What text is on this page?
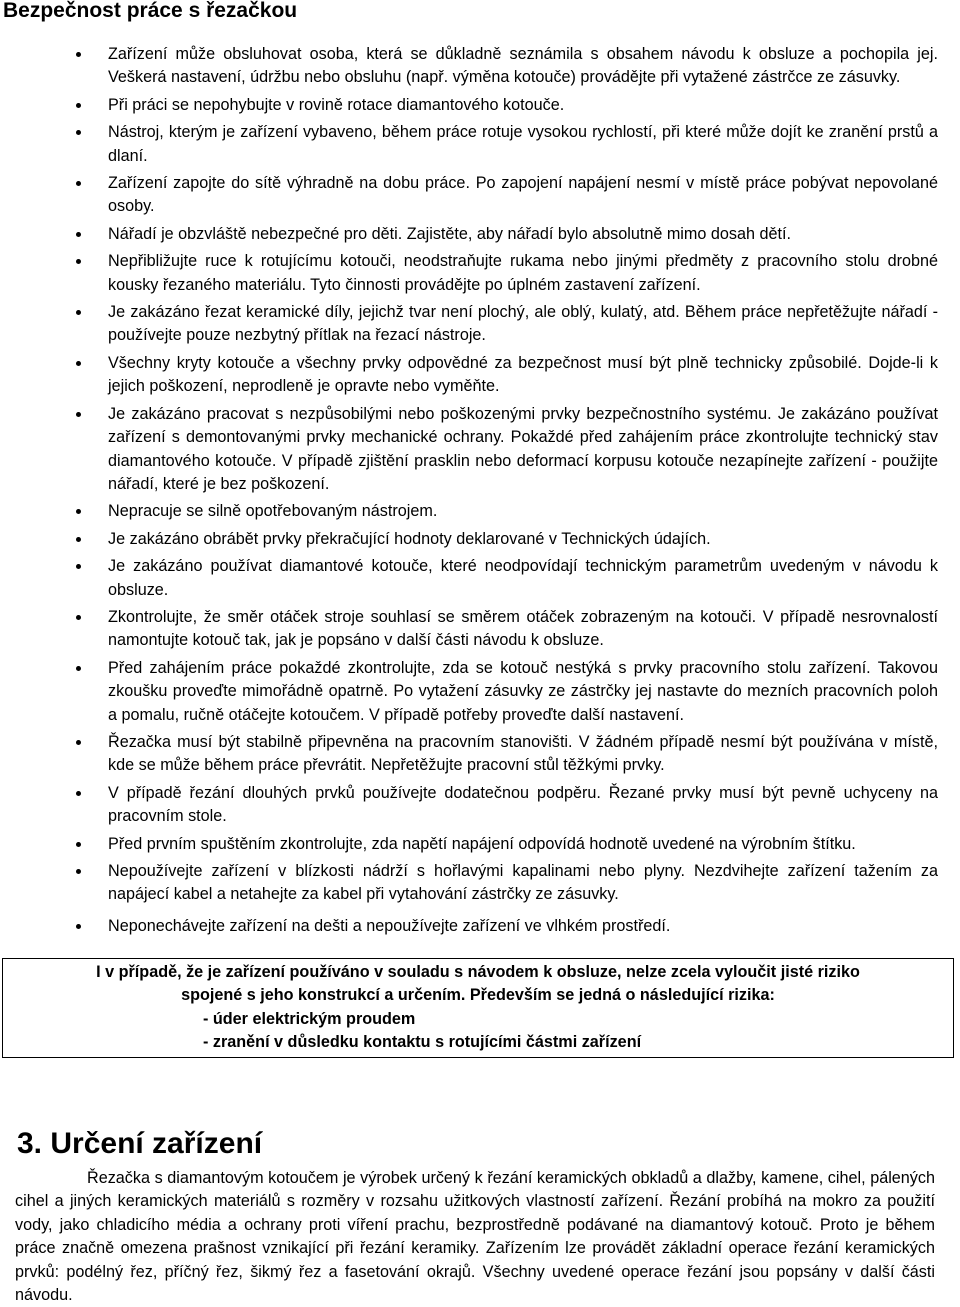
Bezpečnost práce s řezačkou
Zařízení může obsluhovat osoba, která se důkladně seznámila s obsahem návodu k obsluze a pochopila jej. Veškerá nastavení, údržbu nebo obsluhu (např. výměna kotouče) provádějte při vytažené zástrčce ze zásuvky.
Při práci se nepohybujte v rovině rotace diamantového kotouče.
Nástroj, kterým je zařízení vybaveno, během práce rotuje vysokou rychlostí, při které může dojít ke zranění prstů a dlaní.
Zařízení zapojte do sítě výhradně na dobu práce. Po zapojení napájení nesmí v místě práce pobývat nepovolané osoby.
Nářadí je obzvláště nebezpečné pro děti. Zajistěte, aby nářadí bylo absolutně mimo dosah dětí.
Nepřibližujte ruce k rotujícímu kotouči, neodstraňujte rukama nebo jinými předměty z pracovního stolu drobné kousky řezaného materiálu. Tyto činnosti provádějte po úplném zastavení zařízení.
Je zakázáno řezat keramické díly, jejichž tvar není plochý, ale oblý, kulatý, atd. Během práce nepřetěžujte nářadí - používejte pouze nezbytný přítlak na řezací nástroje.
Všechny kryty kotouče a všechny prvky odpovědné za bezpečnost musí být plně technicky způsobilé. Dojde-li k jejich poškození, neprodleně je opravte nebo vyměňte.
Je zakázáno pracovat s nezpůsobilými nebo poškozenými prvky bezpečnostního systému. Je zakázáno používat zařízení s demontovanými prvky mechanické ochrany. Pokaždé před zahájením práce zkontrolujte technický stav diamantového kotouče. V případě zjištění prasklin nebo deformací korpusu kotouče nezapínejte zařízení - použijte nářadí, které je bez poškození.
Nepracuje se silně opotřebovaným nástrojem.
Je zakázáno obrábět prvky překračující hodnoty deklarované v Technických údajích.
Je zakázáno používat diamantové kotouče, které neodpovídají technickým parametrům uvedeným v návodu k obsluze.
Zkontrolujte, že směr otáček stroje souhlasí se směrem otáček zobrazeným na kotouči. V případě nesrovnalostí namontujte kotouč tak, jak je popsáno v další části návodu k obsluze.
Před zahájením práce pokaždé zkontrolujte, zda se kotouč nestýká s prvky pracovního stolu zařízení. Takovou zkoušku proveďte mimořádně opatrně. Po vytažení zásuvky ze zástrčky jej nastavte do mezních pracovních poloh a pomalu, ručně otáčejte kotoučem. V případě potřeby proveďte další nastavení.
Řezačka musí být stabilně připevněna na pracovním stanovišti. V žádném případě nesmí být používána v místě, kde se může během práce převrátit. Nepřetěžujte pracovní stůl těžkými prvky.
V případě řezání dlouhých prvků používejte dodatečnou podpěru. Řezané prvky musí být pevně uchyceny na pracovním stole.
Před prvním spuštěním zkontrolujte, zda napětí napájení odpovídá hodnotě uvedené na výrobním štítku.
Nepoužívejte zařízení v blízkosti nádrží s hořlavými kapalinami nebo plyny. Nezdvihejte zařízení tažením za napájecí kabel a netahejte za kabel při vytahování zástrčky ze zásuvky.
Neponechávejte zařízení na dešti a nepoužívejte zařízení ve vlhkém prostředí.
I v případě, že je zařízení používáno v souladu s návodem k obsluze, nelze zcela vyloučit jisté riziko
spojené s jeho konstrukcí a určením. Především se jedná o následující rizika:
- úder elektrickým proudem
- zranění v důsledku kontaktu s rotujícími částmi zařízení
3. Určení zařízení

Řezačka s diamantovým kotoučem je výrobek určený k řezání keramických obkladů a dlažby, kamene, cihel, pálených cihel a jiných keramických materiálů s rozměry v rozsahu užitkových vlastností zařízení. Řezání probíhá na mokro za použití vody, jako chladicího média a ochrany proti víření prachu, bezprostředně podávané na diamantový kotouč. Proto je během práce značně omezena prašnost vznikající při řezání keramiky. Zařízením lze provádět základní operace řezání keramických prvků: podélný řez, příčný řez, šikmý řez a fasetování okrajů. Všechny uvedené operace řezání jsou popsány v další části návodu.
